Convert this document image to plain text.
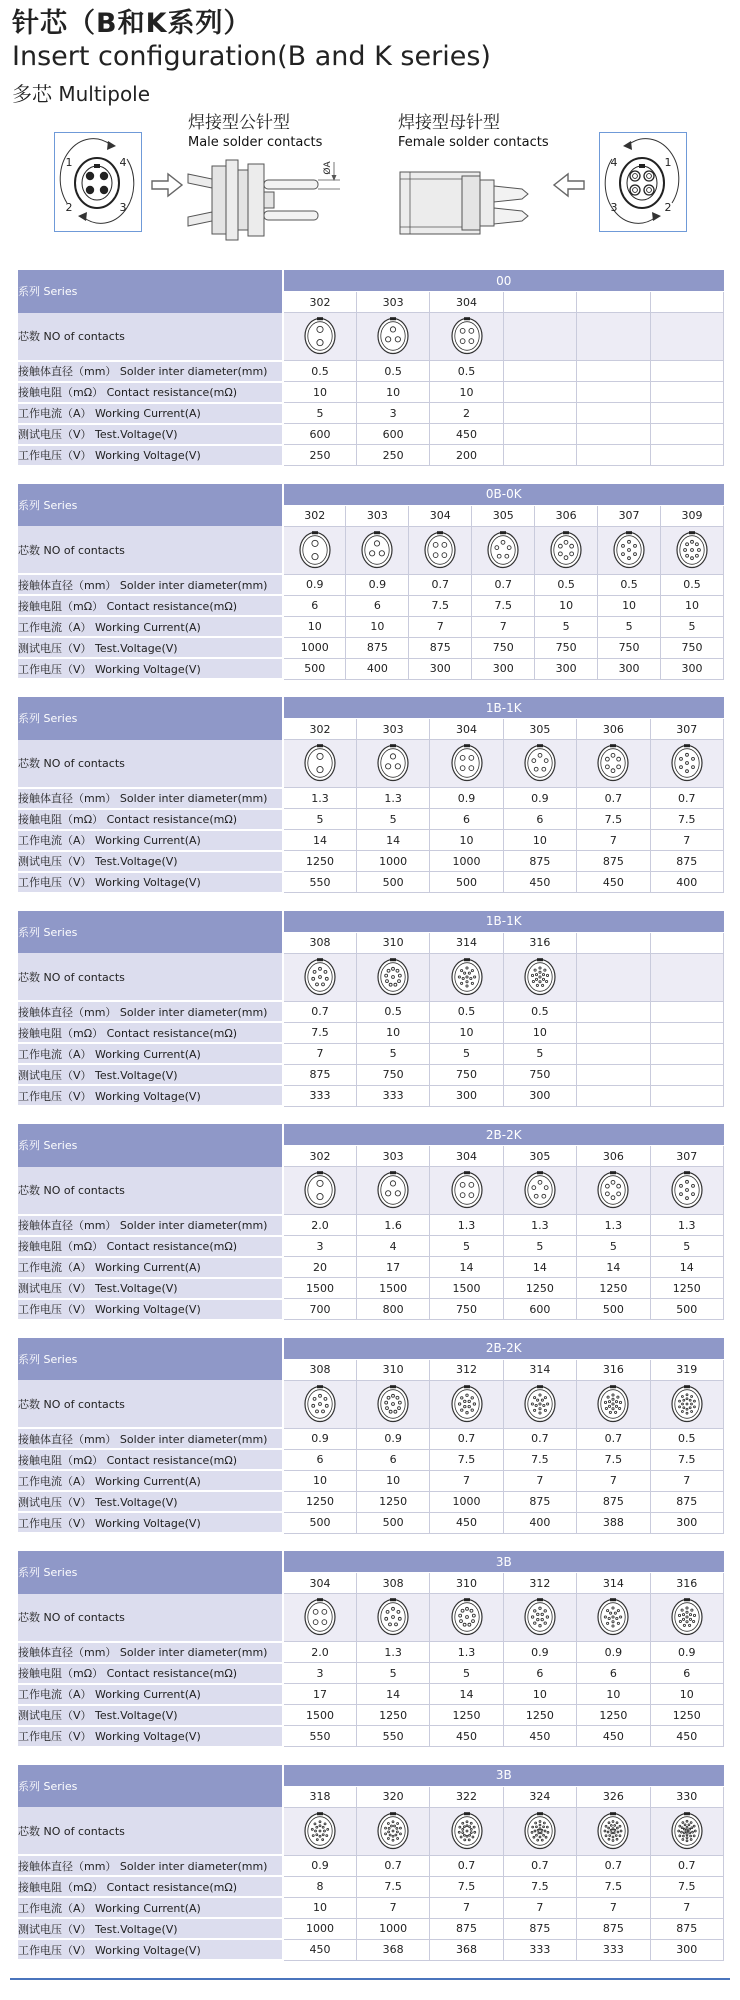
针芯（B和K系列）
Insert configuration(B and K series)
多芯 Multipole
1	4
2	3
焊接型公针型
Male solder contacts
ØA
焊接型母针型
Female solder contacts
4	1
3	2
系列 Series	00					
	302	303	304			
芯数 NO of contacts						
接触体直径（mm） Solder inter diameter(mm)	0.5	0.5	0.5			
接触电阻（mΩ） Contact resistance(mΩ)	10	10	10			
工作电流（A） Working Current(A)	5	3	2			
测试电压（V） Test.Voltage(V)	600	600	450			
工作电压（V） Working Voltage(V)	250	250	200			
系列 Series	0B-0K						
	302	303	304	305	306	307	309
芯数 NO of contacts							
接触体直径（mm） Solder inter diameter(mm)	0.9	0.9	0.7	0.7	0.5	0.5	0.5
接触电阻（mΩ） Contact resistance(mΩ)	6	6	7.5	7.5	10	10	10
工作电流（A） Working Current(A)	10	10	7	7	5	5	5
测试电压（V） Test.Voltage(V)	1000	875	875	750	750	750	750
工作电压（V） Working Voltage(V)	500	400	300	300	300	300	300
系列 Series	1B-1K					
	302	303	304	305	306	307
芯数 NO of contacts						
接触体直径（mm） Solder inter diameter(mm)	1.3	1.3	0.9	0.9	0.7	0.7
接触电阻（mΩ） Contact resistance(mΩ)	5	5	6	6	7.5	7.5
工作电流（A） Working Current(A)	14	14	10	10	7	7
测试电压（V） Test.Voltage(V)	1250	1000	1000	875	875	875
工作电压（V） Working Voltage(V)	550	500	500	450	450	400
系列 Series	1B-1K					
	308	310	314	316		
芯数 NO of contacts						
接触体直径（mm） Solder inter diameter(mm)	0.7	0.5	0.5	0.5		
接触电阻（mΩ） Contact resistance(mΩ)	7.5	10	10	10		
工作电流（A） Working Current(A)	7	5	5	5		
测试电压（V） Test.Voltage(V)	875	750	750	750		
工作电压（V） Working Voltage(V)	333	333	300	300		
系列 Series	2B-2K					
	302	303	304	305	306	307
芯数 NO of contacts						
接触体直径（mm） Solder inter diameter(mm)	2.0	1.6	1.3	1.3	1.3	1.3
接触电阻（mΩ） Contact resistance(mΩ)	3	4	5	5	5	5
工作电流（A） Working Current(A)	20	17	14	14	14	14
测试电压（V） Test.Voltage(V)	1500	1500	1500	1250	1250	1250
工作电压（V） Working Voltage(V)	700	800	750	600	500	500
系列 Series	2B-2K					
	308	310	312	314	316	319
芯数 NO of contacts						
接触体直径（mm） Solder inter diameter(mm)	0.9	0.9	0.7	0.7	0.7	0.5
接触电阻（mΩ） Contact resistance(mΩ)	6	6	7.5	7.5	7.5	7.5
工作电流（A） Working Current(A)	10	10	7	7	7	7
测试电压（V） Test.Voltage(V)	1250	1250	1000	875	875	875
工作电压（V） Working Voltage(V)	500	500	450	400	388	300
系列 Series	3B					
	304	308	310	312	314	316
芯数 NO of contacts						
接触体直径（mm） Solder inter diameter(mm)	2.0	1.3	1.3	0.9	0.9	0.9
接触电阻（mΩ） Contact resistance(mΩ)	3	5	5	6	6	6
工作电流（A） Working Current(A)	17	14	14	10	10	10
测试电压（V） Test.Voltage(V)	1500	1250	1250	1250	1250	1250
工作电压（V） Working Voltage(V)	550	550	450	450	450	450
系列 Series	3B					
	318	320	322	324	326	330
芯数 NO of contacts						
接触体直径（mm） Solder inter diameter(mm)	0.9	0.7	0.7	0.7	0.7	0.7
接触电阻（mΩ） Contact resistance(mΩ)	8	7.5	7.5	7.5	7.5	7.5
工作电流（A） Working Current(A)	10	7	7	7	7	7
测试电压（V） Test.Voltage(V)	1000	1000	875	875	875	875
工作电压（V） Working Voltage(V)	450	368	368	333	333	300
